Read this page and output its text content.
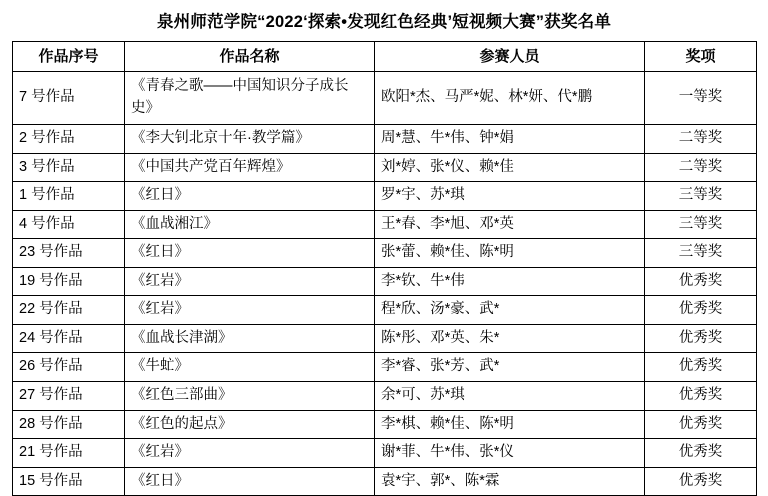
泉州师范学院“2022‘探索•发现红色经典’短视频大赛”获奖名单
作品序号	作品名称	参赛人员	奖项
7 号作品	《青春之歌——中国知识分子成长史》	欧阳*杰、马严*妮、林*妍、代*鹏	一等奖
2 号作品	《李大钊北京十年·教学篇》	周*慧、牛*伟、钟*娟	二等奖
3 号作品	《中国共产党百年辉煌》	刘*婷、张*仪、赖*佳	二等奖
1 号作品	《红日》	罗*宇、苏*琪	三等奖
4 号作品	《血战湘江》	王*春、李*旭、邓*英	三等奖
23 号作品	《红日》	张*蕾、赖*佳、陈*明	三等奖
19 号作品	《红岩》	李*钦、牛*伟	优秀奖
22 号作品	《红岩》	程*欣、汤*豪、武*	优秀奖
24 号作品	《血战长津湖》	陈*彤、邓*英、朱*	优秀奖
26 号作品	《牛虻》	李*睿、张*芳、武*	优秀奖
27 号作品	《红色三部曲》	余*可、苏*琪	优秀奖
28 号作品	《红色的起点》	李*棋、赖*佳、陈*明	优秀奖
21 号作品	《红岩》	谢*菲、牛*伟、张*仪	优秀奖
15 号作品	《红日》	袁*宇、郭*、陈*霖	优秀奖
